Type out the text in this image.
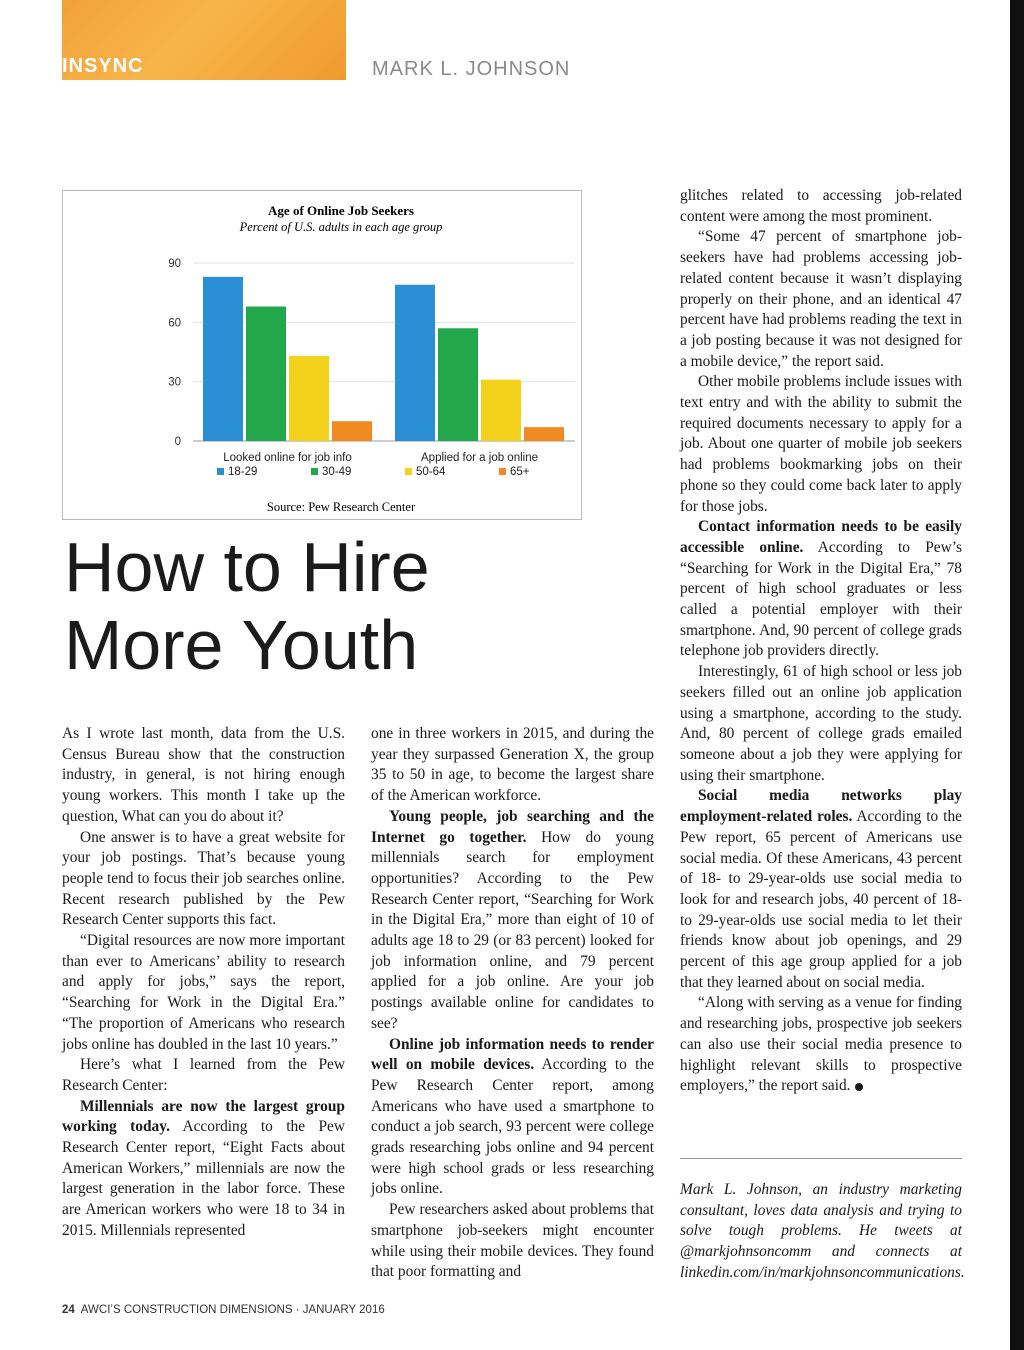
INSYNC	MARK L. JOHNSON
Age of Online Job Seekers
Percent of U.S. adults in each age group
90
60
30
0
Looked online for job info	Applied for a job online
18-29	30-49	50-64	65+
Source: Pew Research Center
How to Hire
More Youth

As I wrote last month, data from the U.S. Census Bureau show that the construction industry, in general, is not hiring enough young workers. This month I take up the question, What can you do about it?

One answer is to have a great website for your job postings. That’s because young people tend to focus their job searches online. Recent research published by the Pew Research Center supports this fact.

“Digital resources are now more important than ever to Americans’ ability to research and apply for jobs,” says the report, “Searching for Work in the Digital Era.” “The proportion of Americans who research jobs online has doubled in the last 10 years.”

Here’s what I learned from the Pew Research Center:

Millennials are now the largest group working today. According to the Pew Research Center report, “Eight Facts about American Workers,” millennials are now the largest generation in the labor force. These are American workers who were 18 to 34 in 2015. Millennials represented

one in three workers in 2015, and during the year they surpassed Generation X, the group 35 to 50 in age, to become the largest share of the American workforce.

Young people, job searching and the Internet go together. How do young millennials search for employment opportunities? According to the Pew Research Center report, “Searching for Work in the Digital Era,” more than eight of 10 of adults age 18 to 29 (or 83 percent) looked for job information online, and 79 percent applied for a job online. Are your job postings available online for candidates to see?

Online job information needs to render well on mobile devices. According to the Pew Research Center report, among Americans who have used a smartphone to conduct a job search, 93 percent were college grads researching jobs online and 94 percent were high school grads or less researching jobs online.

Pew researchers asked about problems that smartphone job-seekers might encounter while using their mobile devices. They found that poor formatting and

glitches related to accessing job-related content were among the most prominent.

“Some 47 percent of smartphone job-seekers have had problems accessing job-related content because it wasn’t displaying properly on their phone, and an identical 47 percent have had problems reading the text in a job posting because it was not designed for a mobile device,” the report said.

Other mobile problems include issues with text entry and with the ability to submit the required documents necessary to apply for a job. About one quarter of mobile job seekers had problems bookmarking jobs on their phone so they could come back later to apply for those jobs.

Contact information needs to be easily accessible online. According to Pew’s “Searching for Work in the Digital Era,” 78 percent of high school graduates or less called a potential employer with their smartphone. And, 90 percent of college grads telephone job providers directly.

Interestingly, 61 of high school or less job seekers filled out an online job application using a smartphone, according to the study. And, 80 percent of college grads emailed someone about a job they were applying for using their smartphone.

Social media networks play employment-related roles. According to the Pew report, 65 percent of Americans use social media. Of these Americans, 43 percent of 18- to 29-year-olds use social media to look for and research jobs, 40 percent of 18- to 29-year-olds use social media to let their friends know about job openings, and 29 percent of this age group applied for a job that they learned about on social media.

“Along with serving as a venue for finding and researching jobs, prospective job seekers can also use their social media presence to highlight relevant skills to prospective employers,” the report said.

Mark L. Johnson, an industry marketing consultant, loves data analysis and trying to solve tough problems. He tweets at @markjohnsoncomm and connects at linkedin.com/in/markjohnsoncommunications.
24 AWCI’S CONSTRUCTION DIMENSIONS · JANUARY 2016
